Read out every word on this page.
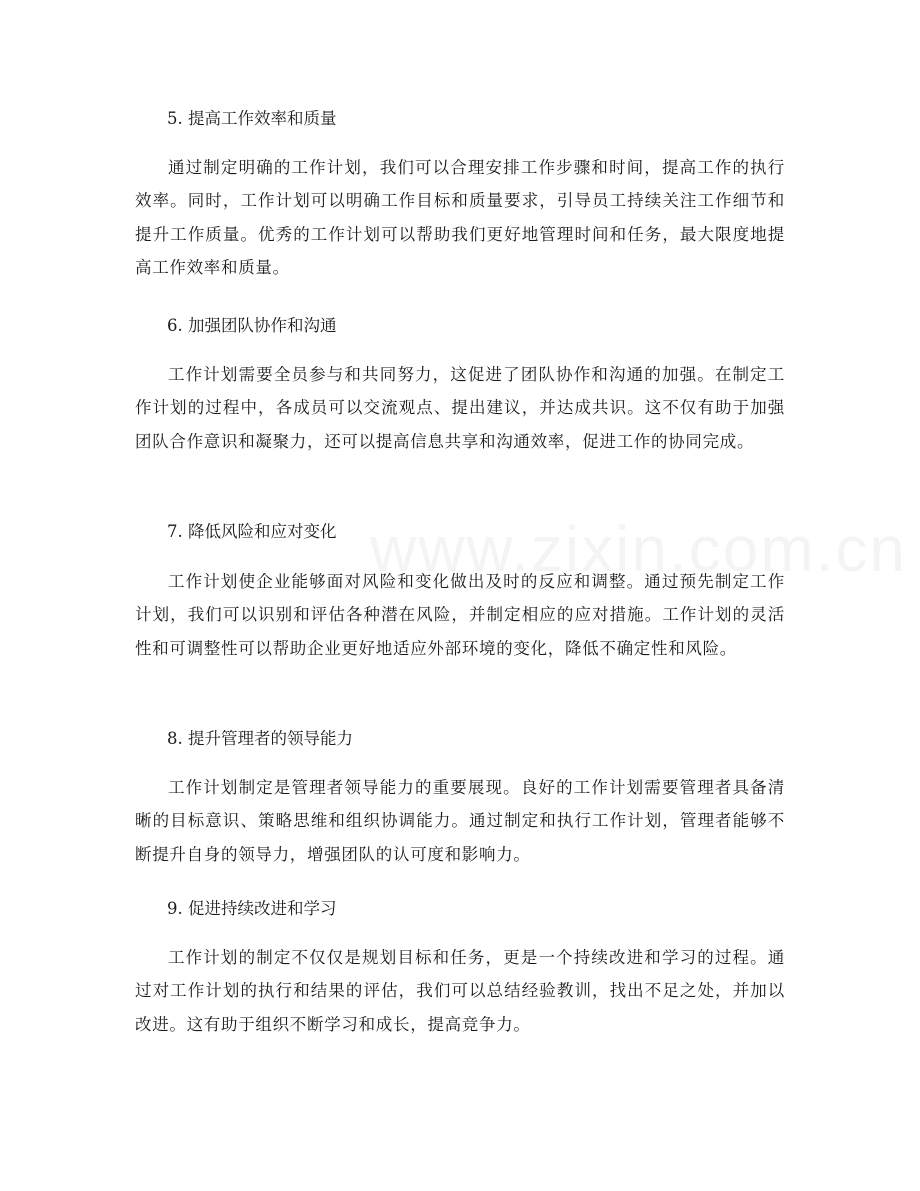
5. 提高工作效率和质量
通过制定明确的工作计划，我们可以合理安排工作步骤和时间，提高工作的执行效率。同时，工作计划可以明确工作目标和质量要求，引导员工持续关注工作细节和提升工作质量。优秀的工作计划可以帮助我们更好地管理时间和任务，最大限度地提高工作效率和质量。
6. 加强团队协作和沟通
工作计划需要全员参与和共同努力，这促进了团队协作和沟通的加强。在制定工作计划的过程中，各成员可以交流观点、提出建议，并达成共识。这不仅有助于加强团队合作意识和凝聚力，还可以提高信息共享和沟通效率，促进工作的协同完成。
7. 降低风险和应对变化
工作计划使企业能够面对风险和变化做出及时的反应和调整。通过预先制定工作计划，我们可以识别和评估各种潜在风险，并制定相应的应对措施。工作计划的灵活性和可调整性可以帮助企业更好地适应外部环境的变化，降低不确定性和风险。
8. 提升管理者的领导能力
工作计划制定是管理者领导能力的重要展现。良好的工作计划需要管理者具备清晰的目标意识、策略思维和组织协调能力。通过制定和执行工作计划，管理者能够不断提升自身的领导力，增强团队的认可度和影响力。
9. 促进持续改进和学习
工作计划的制定不仅仅是规划目标和任务，更是一个持续改进和学习的过程。通过对工作计划的执行和结果的评估，我们可以总结经验教训，找出不足之处，并加以改进。这有助于组织不断学习和成长，提高竞争力。
